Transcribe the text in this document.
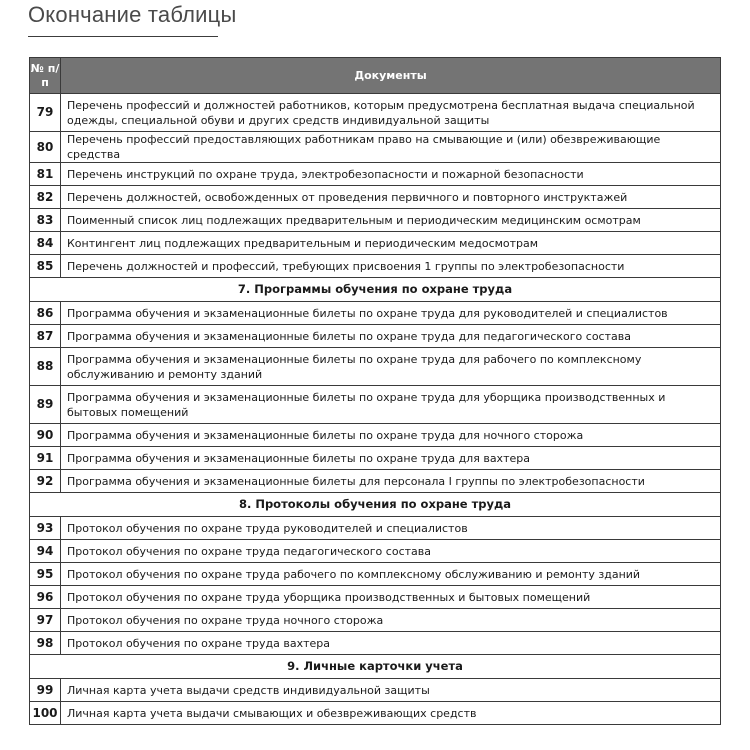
Окончание таблицы
№ п/п	Документы
79	Перечень профессий и должностей работников, которым предусмотрена бесплатная выдача специальной одежды, специальной обуви и других средств индивидуальной защиты
80	Перечень профессий предоставляющих работникам право на смывающие и (или) обезвреживающие средства
81	Перечень инструкций по охране труда, электробезопасности и пожарной безопасности
82	Перечень должностей, освобожденных от проведения первичного и повторного инструктажей
83	Поименный список лиц подлежащих предварительным и периодическим медицинским осмотрам
84	Контингент лиц подлежащих предварительным и периодическим медосмотрам
85	Перечень должностей и профессий, требующих присвоения 1 группы по электробезопасности
7. Программы обучения по охране труда	
86	Программа обучения и экзаменационные билеты по охране труда для руководителей и специалистов
87	Программа обучения и экзаменационные билеты по охране труда для педагогического состава
88	Программа обучения и экзаменационные билеты по охране труда для рабочего по комплексному обслуживанию и ремонту зданий
89	Программа обучения и экзаменационные билеты по охране труда для уборщика производственных и бытовых помещений
90	Программа обучения и экзаменационные билеты по охране труда для ночного сторожа
91	Программа обучения и экзаменационные билеты по охране труда для вахтера
92	Программа обучения и экзаменационные билеты для персонала I группы по электробезопасности
8. Протоколы обучения по охране труда	
93	Протокол обучения по охране труда руководителей и специалистов
94	Протокол обучения по охране труда педагогического состава
95	Протокол обучения по охране труда рабочего по комплексному обслуживанию и ремонту зданий
96	Протокол обучения по охране труда уборщика производственных и бытовых помещений
97	Протокол обучения по охране труда ночного сторожа
98	Протокол обучения по охране труда вахтера
9. Личные карточки учета	
99	Личная карта учета выдачи средств индивидуальной защиты
100	Личная карта учета выдачи смывающих и обезвреживающих средств
